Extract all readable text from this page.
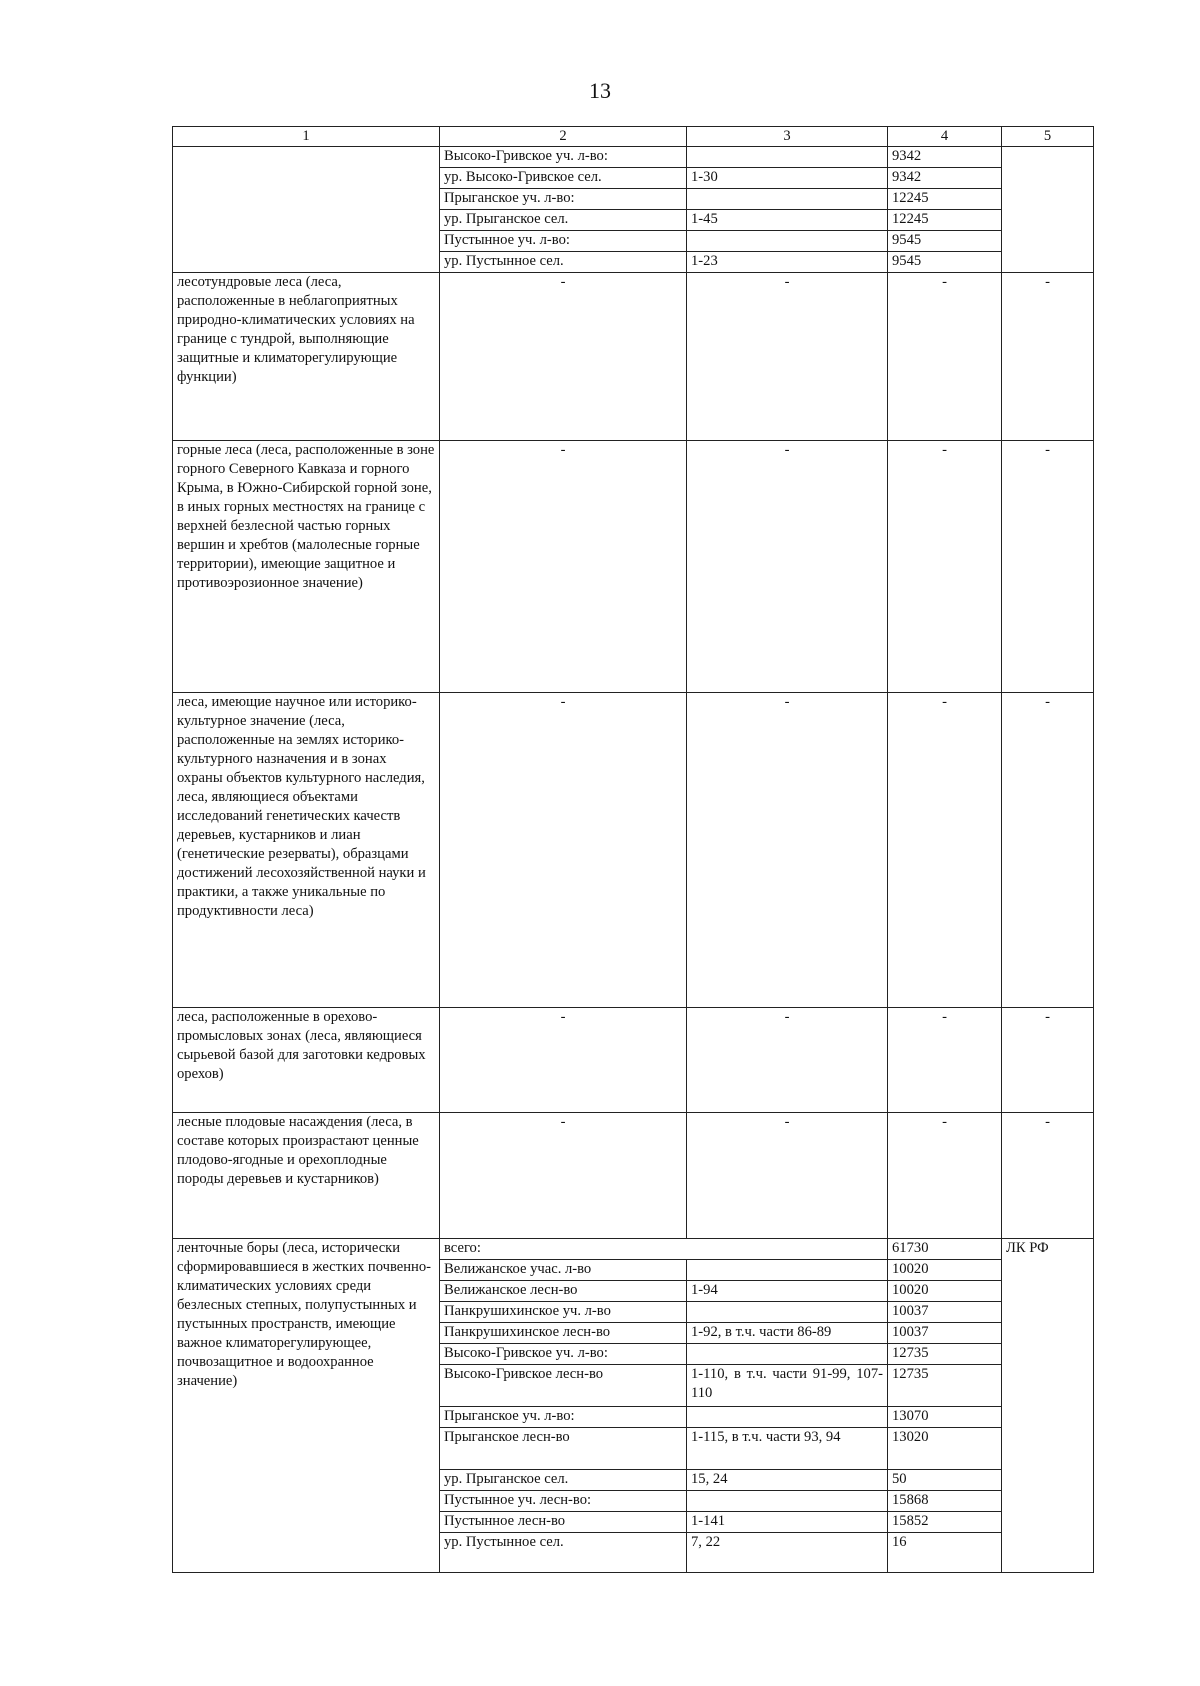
13
1	2	3	4	5
	Высоко-Гривское уч. л-во:		9342	
	ур. Высоко-Гривское сел.	1-30	9342	
	Прыганское уч. л-во:		12245	
	ур. Прыганское сел.	1-45	12245	
	Пустынное уч. л-во:		9545	
	ур. Пустынное сел.	1-23	9545	
лесотундровые леса (леса, расположенные в неблагоприятных природно-климатических условиях на границе с тундрой, выполняющие защитные и климаторегулирующие функции)	-	-	-	-
горные леса (леса, расположенные в зоне горного Северного Кавказа и горного Крыма, в Южно-Сибирской горной зоне, в иных горных местностях на границе с верхней безлесной частью горных вершин и хребтов (малолесные горные территории), имеющие защитное и противоэрозионное значение)	-	-	-	-
леса, имеющие научное или историко-культурное значение (леса, расположенные на землях историко-культурного назначения и в зонах охраны объектов культурного наследия, леса, являющиеся объектами исследований генетических качеств деревьев, кустарников и лиан (генетические резерваты), образцами достижений лесохозяйственной науки и практики, а также уникальные по продуктивности леса)	-	-	-	-
леса, расположенные в орехово-промысловых зонах (леса, являющиеся сырьевой базой для заготовки кедровых орехов)	-	-	-	-
лесные плодовые насаждения (леса, в составе которых произрастают ценные плодово-ягодные и орехоплодные породы деревьев и кустарников)	-	-	-	-
ленточные боры (леса, исторически сформировавшиеся в жестких почвенно-климатических условиях среди безлесных степных, полупустынных и пустынных пространств, имеющие важное климаторегулирующее, почвозащитное и водоохранное значение)	всего:		61730	ЛК РФ
	Велижанское учас. л-во		10020	
	Велижанское лесн-во	1-94	10020	
	Панкрушихинское уч. л-во		10037	
	Панкрушихинское лесн-во	1-92, в т.ч. части 86-89	10037	
	Высоко-Гривское уч. л-во:		12735	
	Высоко-Гривское лесн-во	1-110, в т.ч. части 91-99, 107-110	12735	
	Прыганское уч. л-во:		13070	
	Прыганское лесн-во	1-115, в т.ч. части 93, 94	13020	
	ур. Прыганское сел.	15, 24	50	
	Пустынное уч. лесн-во:		15868	
	Пустынное лесн-во	1-141	15852	
	ур. Пустынное сел.	7, 22	16	
